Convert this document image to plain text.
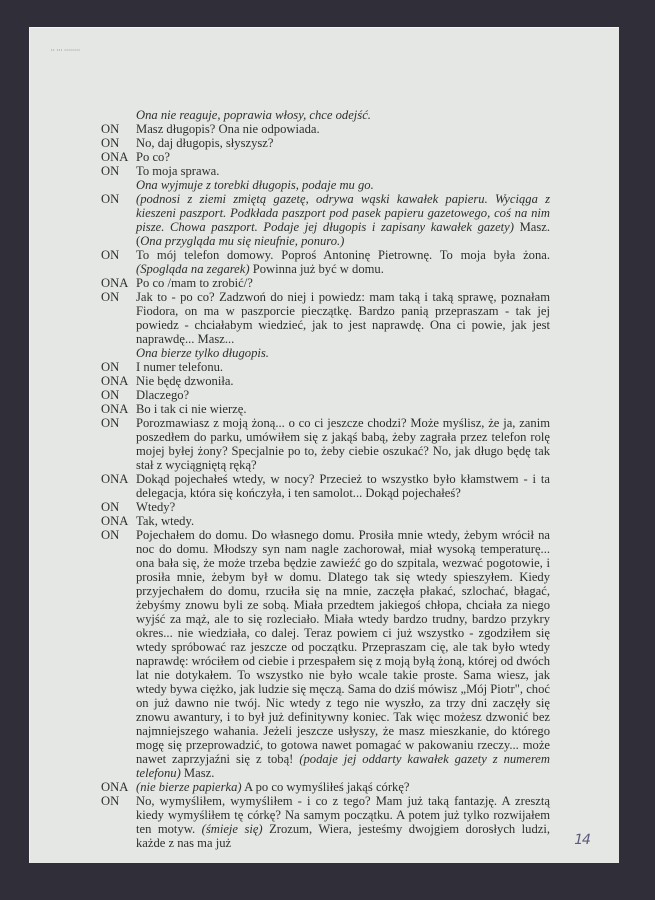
•• ••• ••••••••
Ona nie reaguje, poprawia włosy, chce odejść.
ON	Masz długopis? Ona nie odpowiada.
ON	No, daj długopis, słyszysz?
ONA Po co?
ON	To moja sprawa.
Ona wyjmuje z torebki długopis, podaje mu go.
ON	(podnosi z ziemi zmiętą gazetę, odrywa wąski kawałek papieru. Wyciąga z kieszeni paszport. Podkłada paszport pod pasek papieru gazetowego, coś na nim pisze. Chowa paszport. Podaje jej długopis i zapisany kawałek gazety) Masz. (Ona przygląda mu się nieufnie, ponuro.)
ON	To mój telefon domowy. Poproś Antoninę Pietrownę. To moja była żona. (Spogląda na zegarek) Powinna już być w domu.
ONA Po co /mam to zrobić/?
ON	Jak to - po co? Zadzwoń do niej i powiedz: mam taką i taką sprawę, poznałam Fiodora, on ma w paszporcie pieczątkę. Bardzo panią przepraszam - tak jej powiedz - chciałabym wiedzieć, jak to jest naprawdę. Ona ci powie, jak jest naprawdę... Masz...
Ona bierze tylko długopis.
ON	I numer telefonu.
ONA Nie będę dzwoniła.
ON	Dlaczego?
ONA Bo i tak ci nie wierzę.
ON	Porozmawiasz z moją żoną... o co ci jeszcze chodzi? Może myślisz, że ja, zanim poszedłem do parku, umówiłem się z jakąś babą, żeby zagrała przez telefon rolę mojej byłej żony? Specjalnie po to, żeby ciebie oszukać? No, jak długo będę tak stał z wyciągniętą ręką?
ONA Dokąd pojechałeś wtedy, w nocy? Przecież to wszystko było kłamstwem - i ta delegacja, która się kończyła, i ten samolot... Dokąd pojechałeś?
ON	Wtedy?
ONA Tak, wtedy.
ON	Pojechałem do domu. Do własnego domu. Prosiła mnie wtedy, żebym wrócił na noc do domu. Młodszy syn nam nagle zachorował, miał wysoką temperaturę... ona bała się, że może trzeba będzie zawieźć go do szpitala, wezwać pogotowie, i prosiła mnie, żebym był w domu. Dlatego tak się wtedy spieszyłem. Kiedy przyjechałem do domu, rzuciła się na mnie, zaczęła płakać, szlochać, błagać, żebyśmy znowu byli ze sobą. Miała przedtem jakiegoś chłopa, chciała za niego wyjść za mąż, ale to się rozleciało. Miała wtedy bardzo trudny, bardzo przykry okres... nie wiedziała, co dalej. Teraz powiem ci już wszystko - zgodziłem się wtedy spróbować raz jeszcze od początku. Przepraszam cię, ale tak było wtedy naprawdę: wróciłem od ciebie i przespałem się z moją byłą żoną, której od dwóch lat nie dotykałem. To wszystko nie było wcale takie proste. Sama wiesz, jak wtedy bywa ciężko, jak ludzie się męczą. Sama do dziś mówisz „Mój Piotr", choć on już dawno nie twój. Nic wtedy z tego nie wyszło, za trzy dni zaczęły się znowu awantury, i to był już definitywny koniec. Tak więc możesz dzwonić bez najmniejszego wahania. Jeżeli jeszcze usłyszy, że masz mieszkanie, do którego mogę się przeprowadzić, to gotowa nawet pomagać w pakowaniu rzeczy... może nawet zaprzyjaźni się z tobą! (podaje jej oddarty kawałek gazety z numerem telefonu) Masz.
ONA (nie bierze papierka) A po co wymyśliłeś jakąś córkę?
ON	No, wymyśliłem, wymyśliłem - i co z tego? Mam już taką fantazję. A zresztą kiedy wymyśliłem tę córkę? Na samym początku. A potem już tylko rozwijałem ten motyw. (śmieje się) Zrozum, Wiera, jesteśmy dwojgiem dorosłych ludzi, każde z nas ma już	14
